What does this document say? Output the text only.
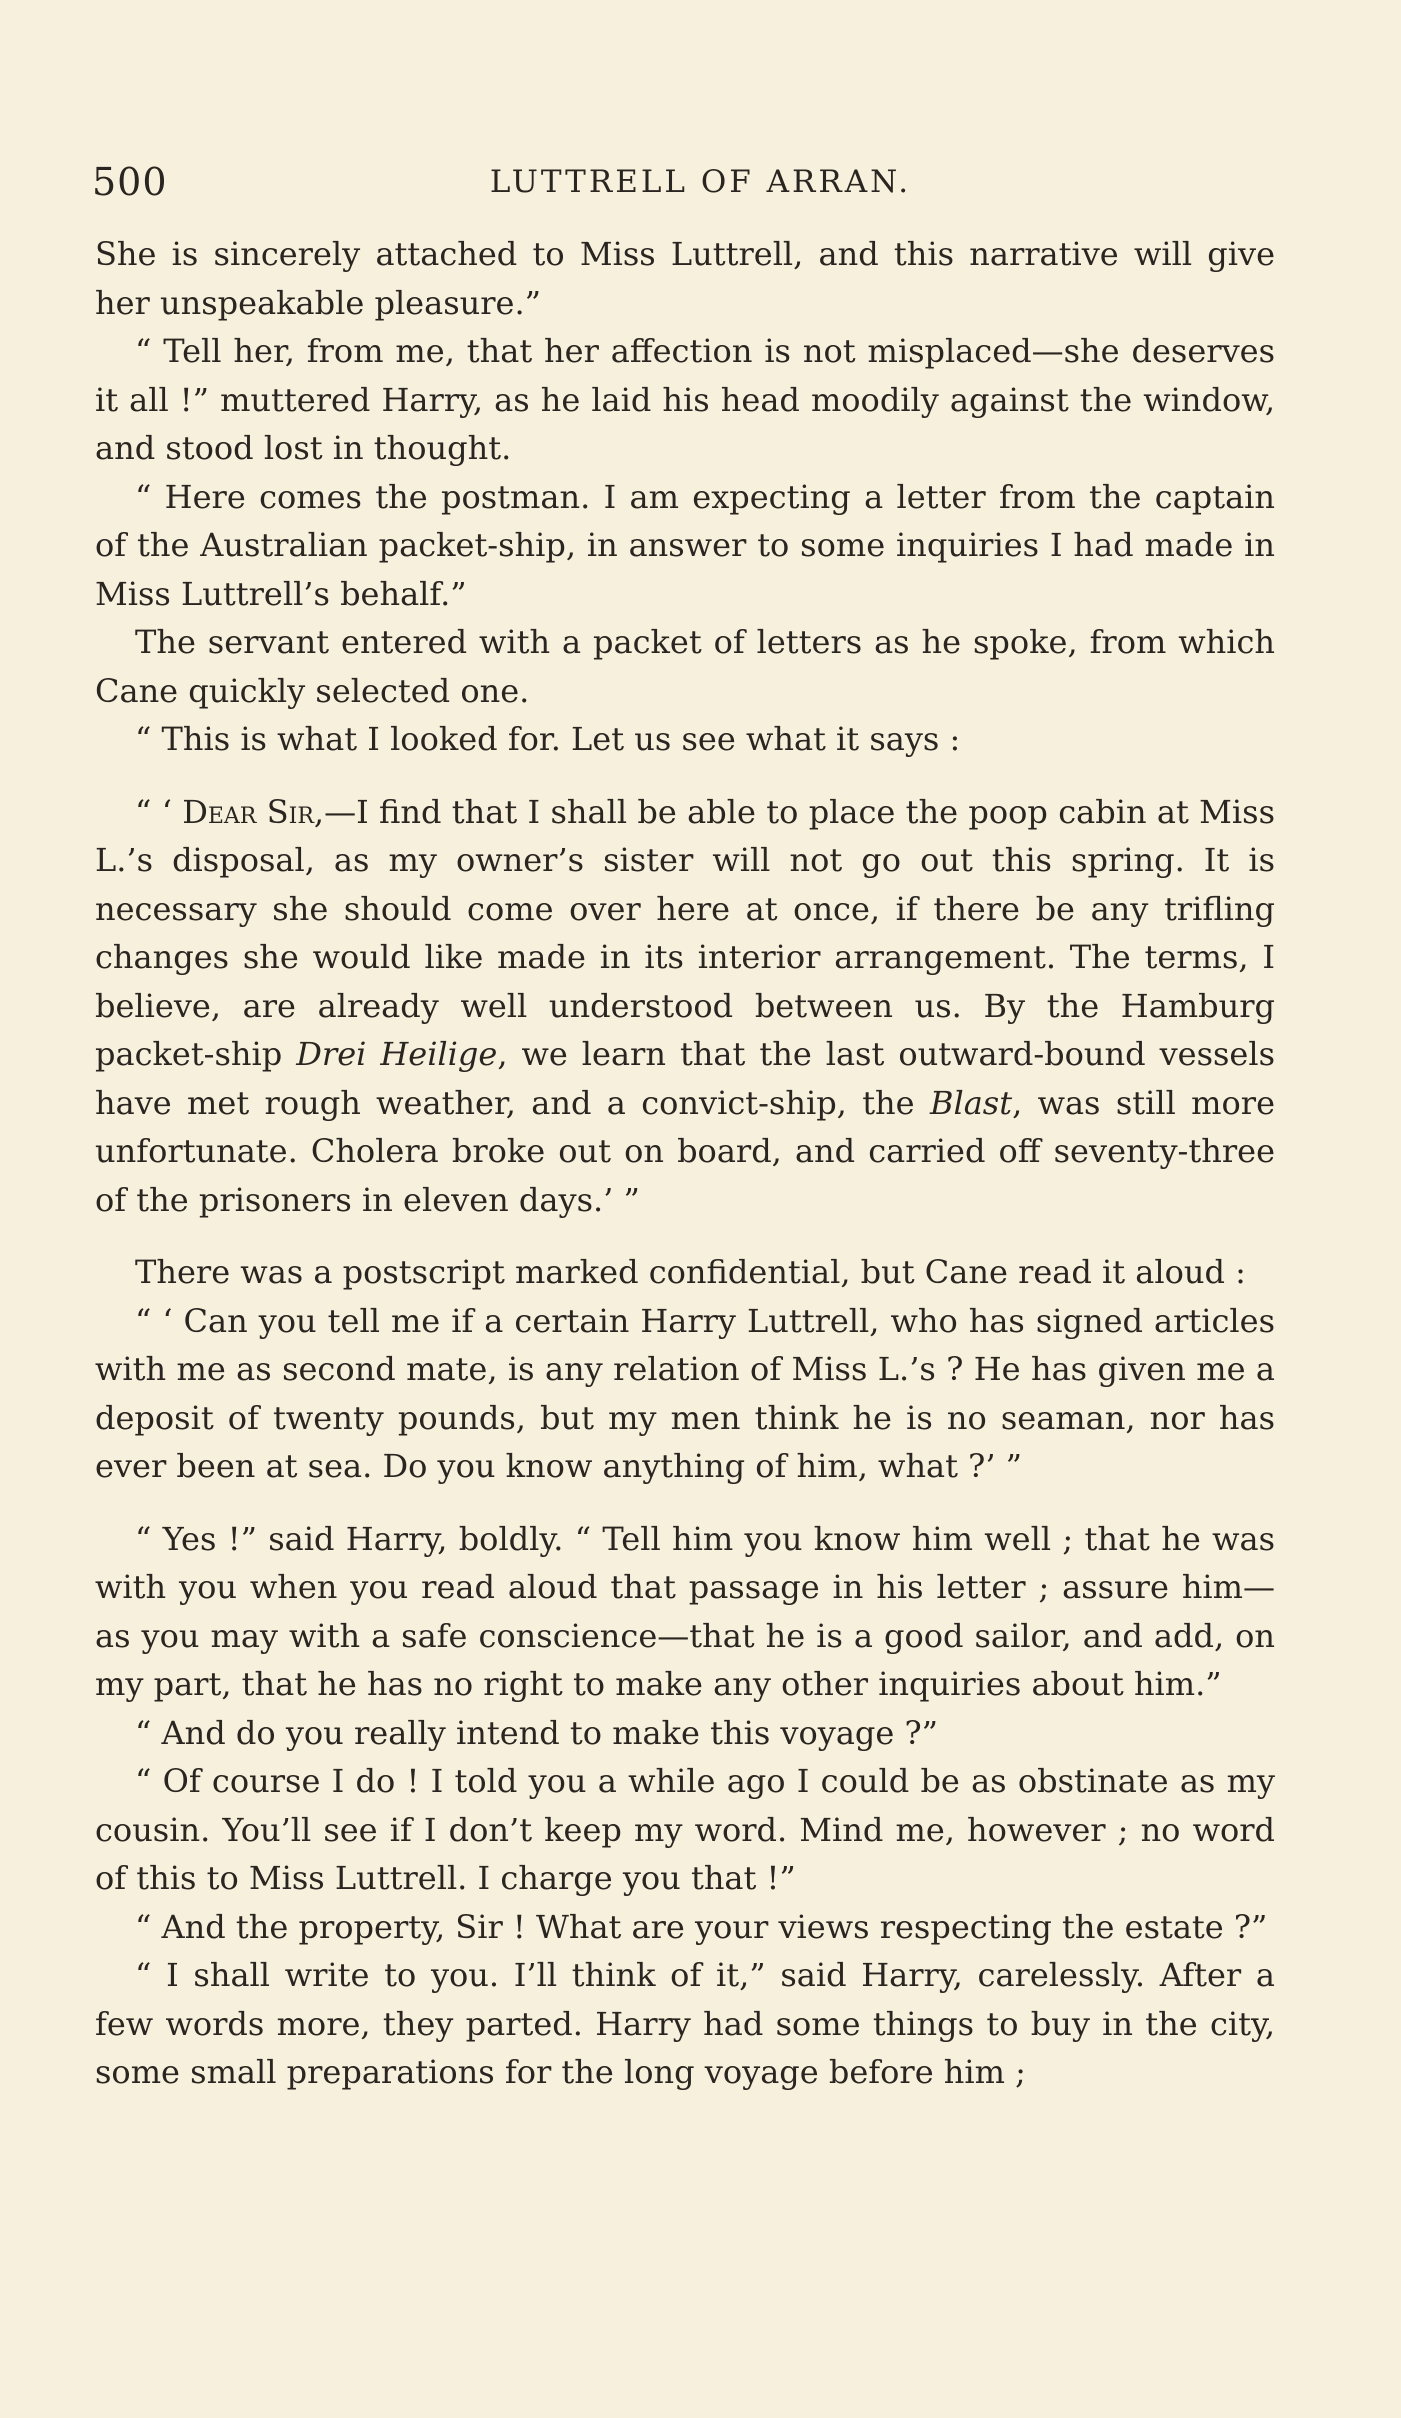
500	LUTTRELL OF ARRAN.

She is sincerely attached to Miss Luttrell, and this narrative will give her unspeakable pleasure.”

“ Tell her, from me, that her affection is not misplaced—she deserves it all !” muttered Harry, as he laid his head moodily against the window, and stood lost in thought.

“ Here comes the postman. I am expecting a letter from the captain of the Australian packet-ship, in answer to some inquiries I had made in Miss Luttrell’s behalf.”

The servant entered with a packet of letters as he spoke, from which Cane quickly selected one.

“ This is what I looked for. Let us see what it says :

“ ‘ Dear Sir,—I find that I shall be able to place the poop cabin at Miss L.’s disposal, as my owner’s sister will not go out this spring. It is necessary she should come over here at once, if there be any trifling changes she would like made in its interior arrangement. The terms, I believe, are already well understood between us. By the Hamburg packet-ship Drei Heilige, we learn that the last outward-bound vessels have met rough weather, and a convict-ship, the Blast, was still more unfortunate. Cholera broke out on board, and carried off seventy-three of the prisoners in eleven days.’ ”

There was a postscript marked confidential, but Cane read it aloud :

“ ‘ Can you tell me if a certain Harry Luttrell, who has signed articles with me as second mate, is any relation of Miss L.’s ? He has given me a deposit of twenty pounds, but my men think he is no seaman, nor has ever been at sea. Do you know anything of him, what ?’ ”

“ Yes !” said Harry, boldly. “ Tell him you know him well ; that he was with you when you read aloud that passage in his letter ; assure him—as you may with a safe conscience—that he is a good sailor, and add, on my part, that he has no right to make any other inquiries about him.”

“ And do you really intend to make this voyage ?”

“ Of course I do ! I told you a while ago I could be as obstinate as my cousin. You’ll see if I don’t keep my word. Mind me, however ; no word of this to Miss Luttrell. I charge you that !”

“ And the property, Sir ! What are your views respecting the estate ?”

“ I shall write to you. I’ll think of it,” said Harry, carelessly. After a few words more, they parted. Harry had some things to buy in the city, some small preparations for the long voyage before him ;
